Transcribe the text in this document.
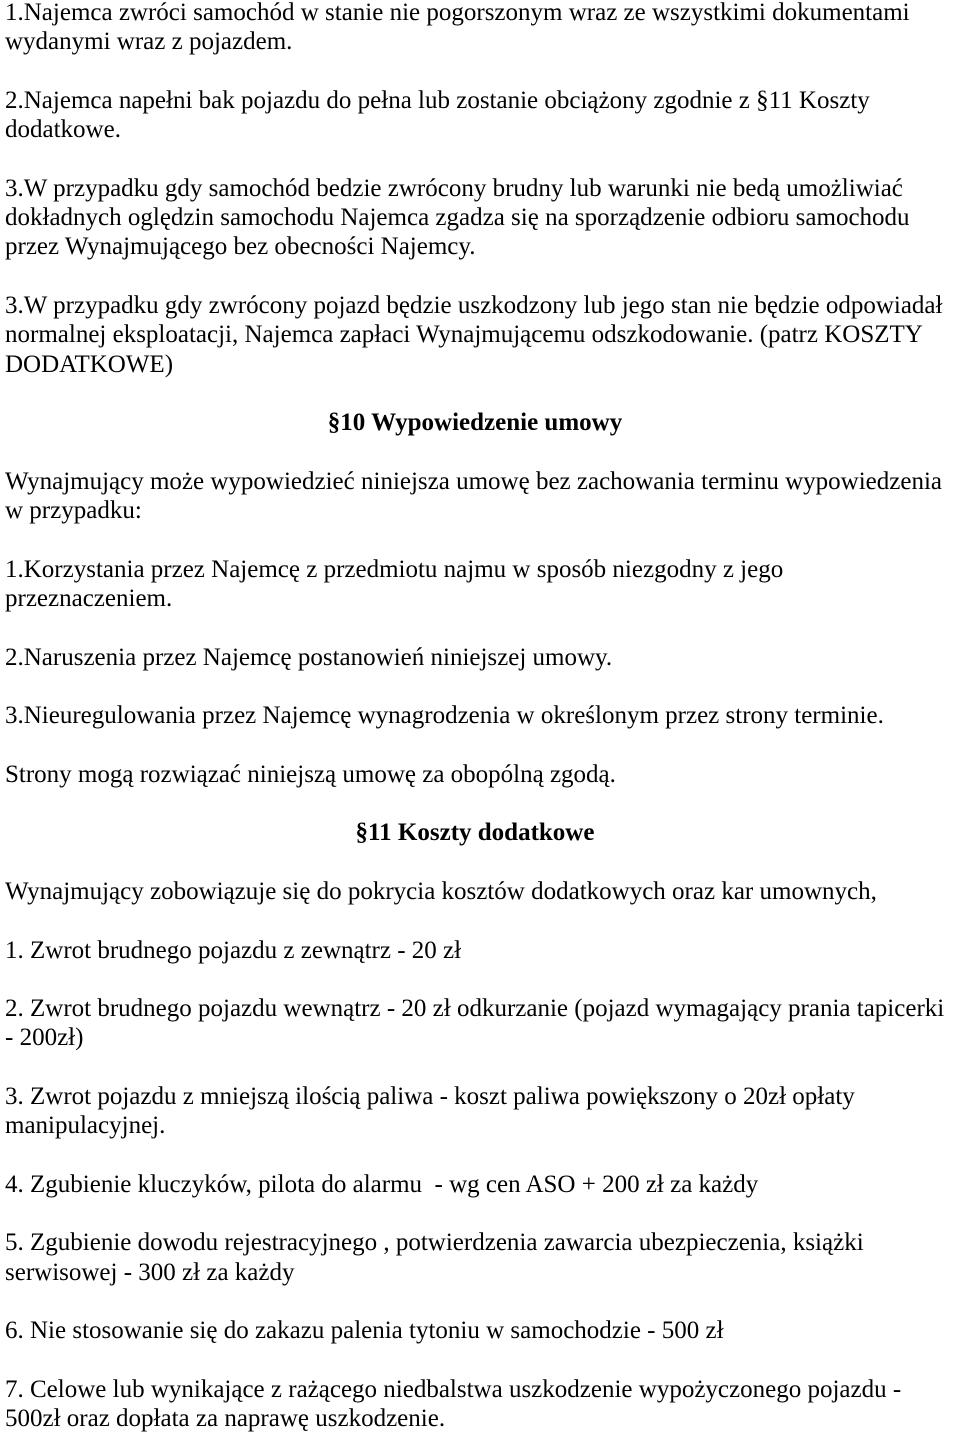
1.Najemca zwróci samochód w stanie nie pogorszonym wraz ze wszystkimi dokumentami
wydanymi wraz z pojazdem.
2.Najemca napełni bak pojazdu do pełna lub zostanie obciążony zgodnie z §11 Koszty
dodatkowe.
3.W przypadku gdy samochód bedzie zwrócony brudny lub warunki nie bedą umożliwiać
dokładnych oględzin samochodu Najemca zgadza się na sporządzenie odbioru samochodu
przez Wynajmującego bez obecności Najemcy.
3.W przypadku gdy zwrócony pojazd będzie uszkodzony lub jego stan nie będzie odpowiadał
normalnej eksploatacji, Najemca zapłaci Wynajmującemu odszkodowanie. (patrz KOSZTY
DODATKOWE)
§10 Wypowiedzenie umowy
Wynajmujący może wypowiedzieć niniejsza umowę bez zachowania terminu wypowiedzenia
w przypadku:
1.Korzystania przez Najemcę z przedmiotu najmu w sposób niezgodny z jego
przeznaczeniem.
2.Naruszenia przez Najemcę postanowień niniejszej umowy.
3.Nieuregulowania przez Najemcę wynagrodzenia w określonym przez strony terminie.
Strony mogą rozwiązać niniejszą umowę za obopólną zgodą.
§11 Koszty dodatkowe
Wynajmujący zobowiązuje się do pokrycia kosztów dodatkowych oraz kar umownych,
1. Zwrot brudnego pojazdu z zewnątrz - 20 zł
2. Zwrot brudnego pojazdu wewnątrz - 20 zł odkurzanie (pojazd wymagający prania tapicerki
- 200zł)
3. Zwrot pojazdu z mniejszą ilością paliwa - koszt paliwa powiększony o 20zł opłaty
manipulacyjnej.
4. Zgubienie kluczyków, pilota do alarmu  - wg cen ASO + 200 zł za każdy
5. Zgubienie dowodu rejestracyjnego , potwierdzenia zawarcia ubezpieczenia, książki
serwisowej - 300 zł za każdy
6. Nie stosowanie się do zakazu palenia tytoniu w samochodzie - 500 zł
7. Celowe lub wynikające z rażącego niedbalstwa uszkodzenie wypożyczonego pojazdu -
500zł oraz dopłata za naprawę uszkodzenie.
